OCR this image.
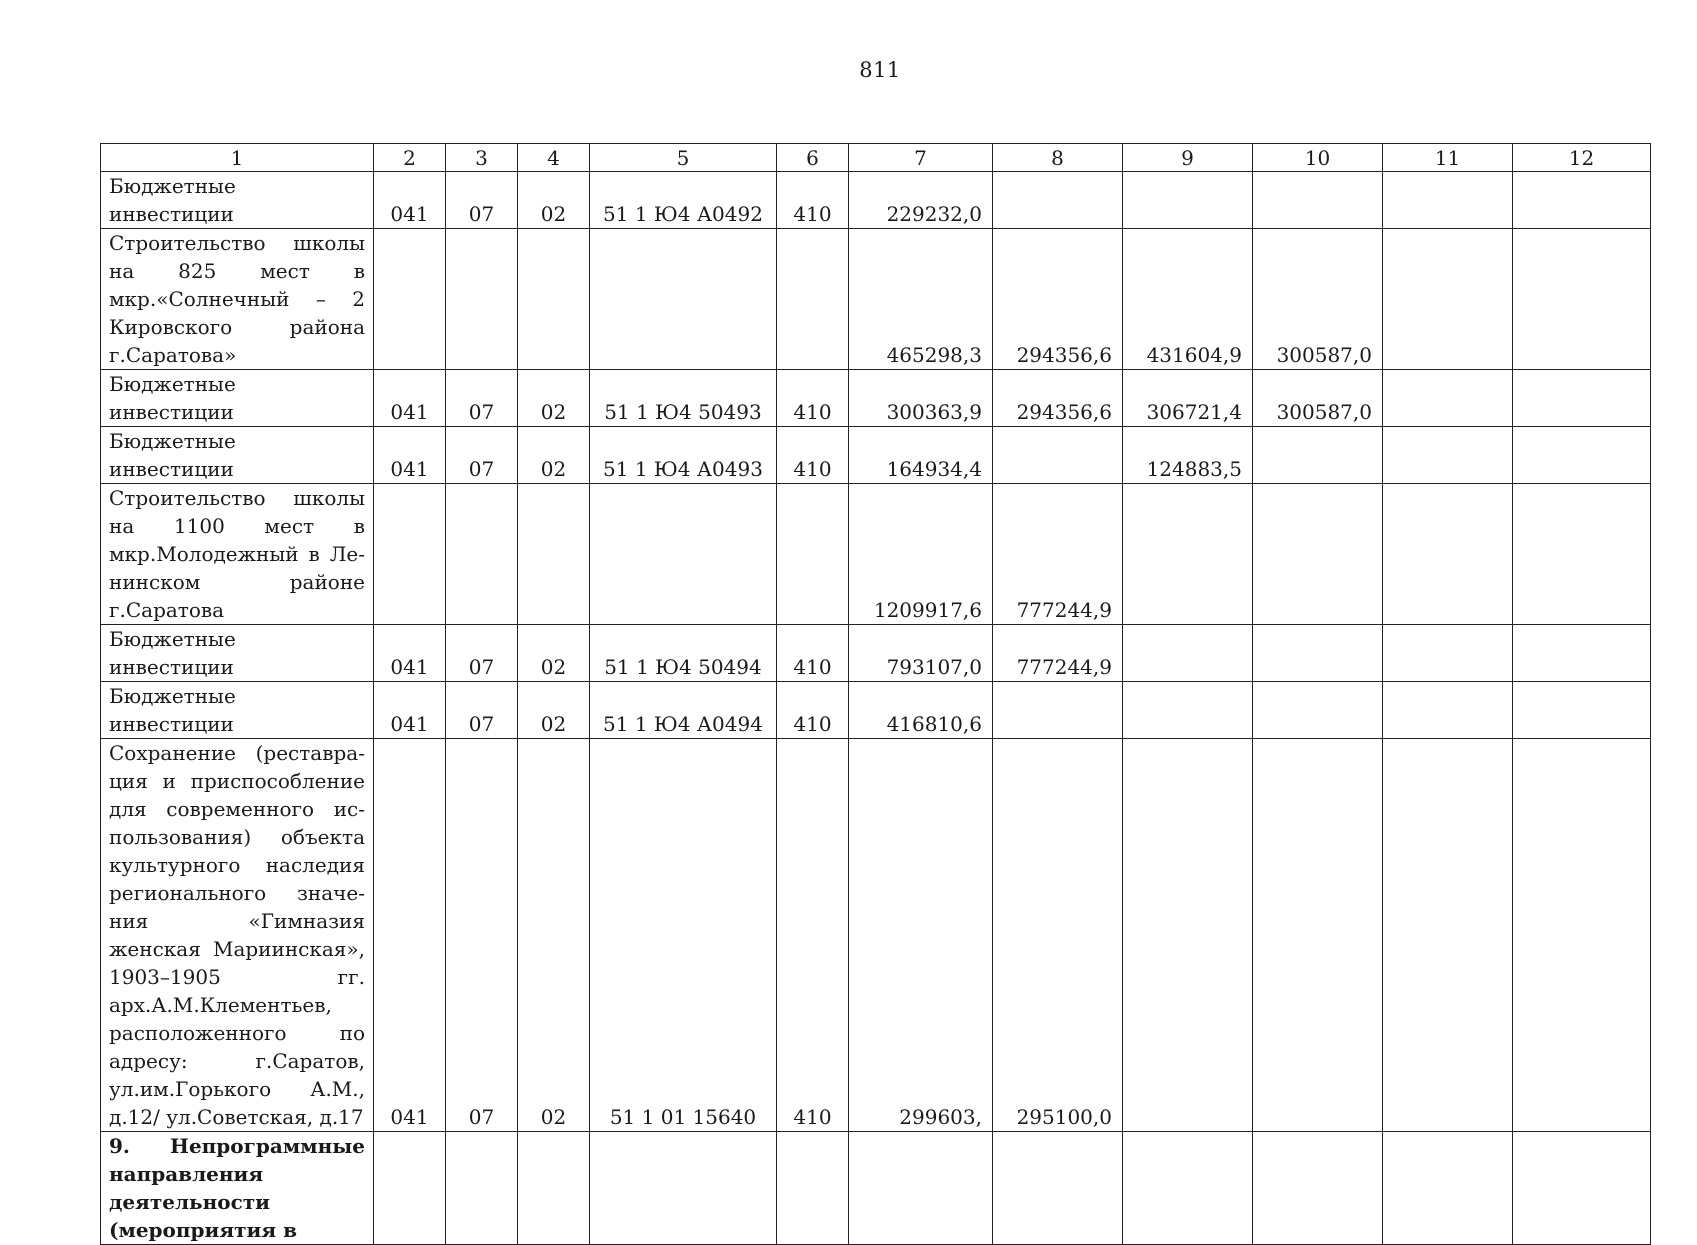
811
1	2	3	4	5	6	7	8	9	10	11	12
Бюджетные инвестиции	041	07	02	51 1 Ю4 А0492	410	229232,0					
Строительство школы на 825 мест в мкр.«Солнечный – 2 Кировского района г.Саратова»						465298,3	294356,6	431604,9	300587,0		
Бюджетные инвестиции	041	07	02	51 1 Ю4 50493	410	300363,9	294356,6	306721,4	300587,0		
Бюджетные инвестиции	041	07	02	51 1 Ю4 А0493	410	164934,4		124883,5			
Строительство школы на 1100 мест в мкр.Молодежный в Ленинском районе г.Саратова						1209917,6	777244,9				
Бюджетные инвестиции	041	07	02	51 1 Ю4 50494	410	793107,0	777244,9				
Бюджетные инвестиции	041	07	02	51 1 Ю4 А0494	410	416810,6					
Сохранение (реставрация и приспособление для современного использования) объекта культурного наследия регионального значения «Гимназия женская Мариинская», 1903–1905 гг. арх.А.М.Клементьев, расположенного по адресу: г.Саратов, ул.им.Горького А.М., д.12/ ул.Советская, д.17	041	07	02	51 1 01 15640	410	299603,	295100,0				
9. Непрограммные направления деятельности (мероприятия в											
